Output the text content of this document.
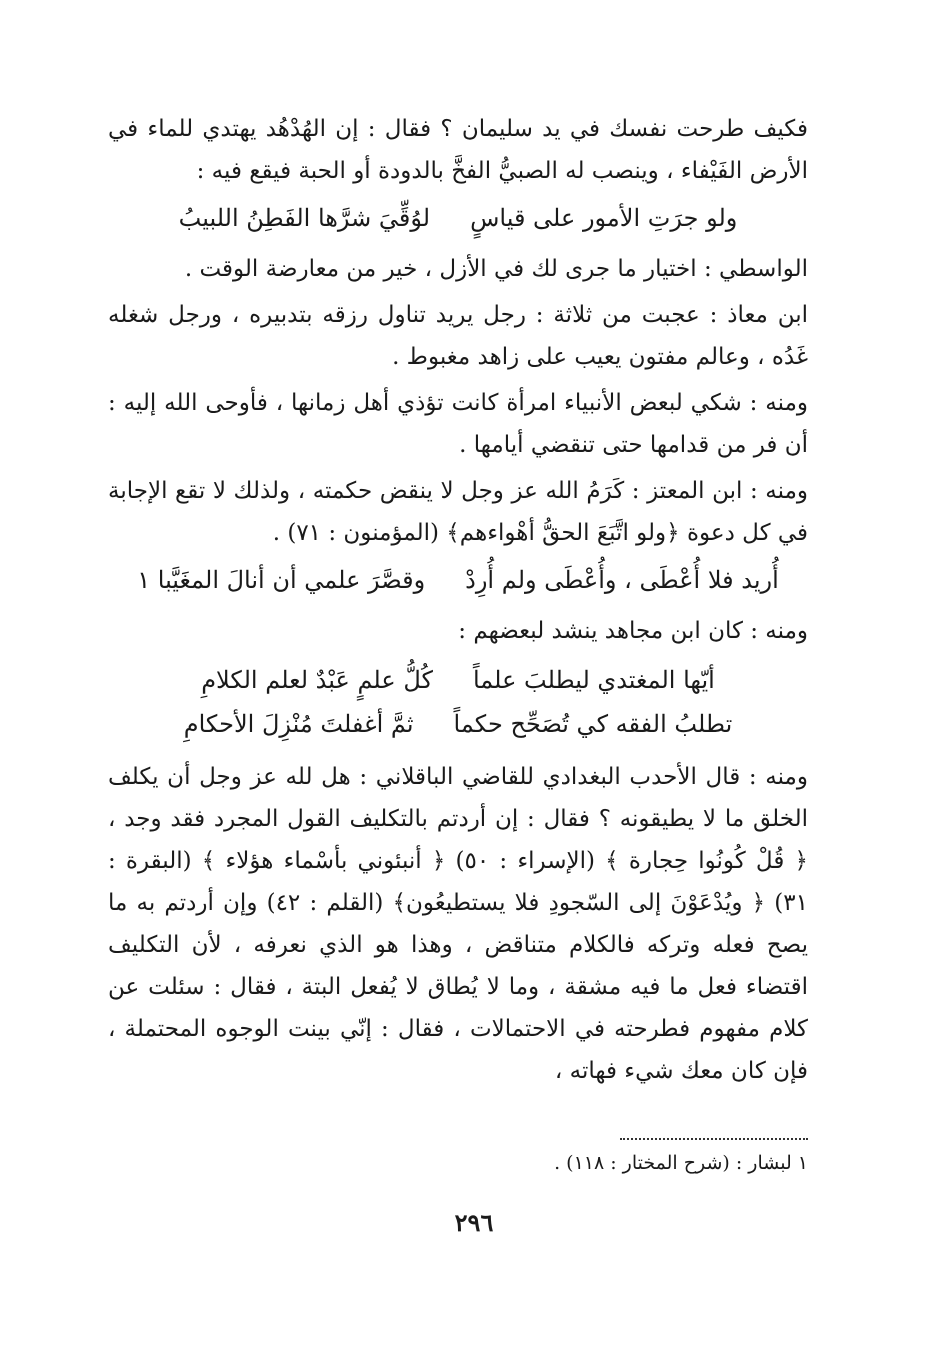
فكيف طرحت نفسك في يد سليمان ؟ فقال : إن الهُدْهُد يهتدي للماء في الأرض الفَيْفاء ، وينصب له الصبيُّ الفخَّ بالدودة أو الحبة فيقع فيه :

ولو جرَتِ الأمور على قياسٍ
لوُقِّيَ شرَّها الفَطِنُ اللبيبُ

الواسطي : اختيار ما جرى لك في الأزل ، خير من معارضة الوقت .

ابن معاذ : عجبت من ثلاثة : رجل يريد تناول رزقه بتدبيره ، ورجل شغله غَدُه ، وعالم مفتون يعيب على زاهد مغبوط .

ومنه : شكي لبعض الأنبياء امرأة كانت تؤذي أهل زمانها ، فأوحى الله إليه : أن فر من قدامها حتى تنقضي أيامها .

ومنه : ابن المعتز : كَرَمُ الله عز وجل لا ينقض حكمته ، ولذلك لا تقع الإجابة في كل دعوة ﴿ولو اتَّبَعَ الحقُّ أهْواءهم﴾ (المؤمنون : ٧١) .

أُريد فلا أُعْطَى ، وأُعْطَى ولم أُرِدْ
وقصَّرَ علمي أن أنالَ المغَيَّبا ١

ومنه : كان ابن مجاهد ينشد لبعضهم :

أيّها المغتدي ليطلبَ علماً
كُلُّ علمٍ عَبْدٌ لعلم الكلامِ
تطلبُ الفقه كي تُصَحِّح حكماً
ثمَّ أغفلتَ مُنْزِلَ الأحكامِ

ومنه : قال الأحدب البغدادي للقاضي الباقلاني : هل لله عز وجل أن يكلف الخلق ما لا يطيقونه ؟ فقال : إن أردتم بالتكليف القول المجرد فقد وجد ، ﴿ قُلْ كُونُوا حِجارة ﴾ (الإسراء : ٥٠) ﴿ أنبئوني بأسْماء هؤلاء ﴾ (البقرة : ٣١) ﴿ ويُدْعَوْنَ إلى السّجودِ فلا يستطيعُون﴾ (القلم : ٤٢) وإن أردتم به ما يصح فعله وتركه فالكلام متناقض ، وهذا هو الذي نعرفه ، لأن التكليف اقتضاء فعل ما فيه مشقة ، وما لا يُطاق لا يُفعل البتة ، فقال : سئلت عن كلام مفهوم فطرحته في الاحتمالات ، فقال : إنّي بينت الوجوه المحتملة ، فإن كان معك شيء فهاته ،

١ لبشار : (شرح المختار : ١١٨) .
٢٩٦
